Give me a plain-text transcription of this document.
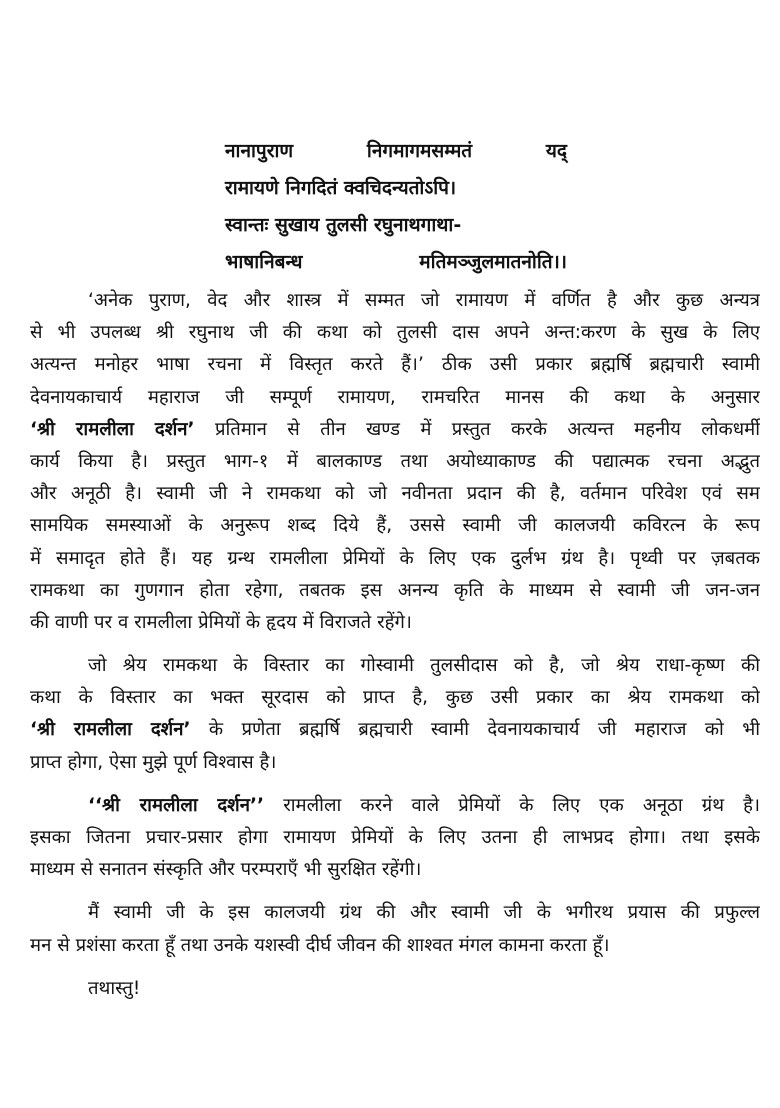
नानापुराण निगमागमसम्मतं यद्
रामायणे निगदितं क्वचिदन्यतोऽपि।
स्वान्तः सुखाय तुलसी रघुनाथगाथा-
भाषानिबन्ध मतिमञ्जुलमातनोति।।
‘अनेक पुराण, वेद और शास्त्र में सम्मत जो रामायण में वर्णित है और कुछ अन्यत्र
से भी उपलब्ध श्री रघुनाथ जी की कथा को तुलसी दास अपने अन्त:करण के सुख के लिए
अत्यन्त मनोहर भाषा रचना में विस्तृत करते हैं।’ ठीक उसी प्रकार ब्रह्मर्षि ब्रह्मचारी स्वामी
देवनायकाचार्य महाराज जी सम्पूर्ण रामायण, रामचरित मानस की कथा के अनुसार
‘श्री रामलीला दर्शन’ प्रतिमान से तीन खण्ड में प्रस्तुत करके अत्यन्त महनीय लोकधर्मी
कार्य किया है। प्रस्तुत भाग-१ में बालकाण्ड तथा अयोध्याकाण्ड की पद्यात्मक रचना अद्भुत
और अनूठी है। स्वामी जी ने रामकथा को जो नवीनता प्रदान की है, वर्तमान परिवेश एवं सम
सामयिक समस्याओं के अनुरूप शब्द दिये हैं, उससे स्वामी जी कालजयी कविरत्न के रूप
में समादृत होते हैं। यह ग्रन्थ रामलीला प्रेमियों के लिए एक दुर्लभ ग्रंथ है। पृथ्वी पर ज़बतक
रामकथा का गुणगान होता रहेगा, तबतक इस अनन्य कृति के माध्यम से स्वामी जी जन-जन
की वाणी पर व रामलीला प्रेमियों के हृदय में विराजते रहेंगे।
जो श्रेय रामकथा के विस्तार का गोस्वामी तुलसीदास को है, जो श्रेय राधा-कृष्ण की
कथा के विस्तार का भक्त सूरदास को प्राप्त है, कुछ उसी प्रकार का श्रेय रामकथा को
‘श्री रामलीला दर्शन’ के प्रणेता ब्रह्मर्षि ब्रह्मचारी स्वामी देवनायकाचार्य जी महाराज को भी
प्राप्त होगा, ऐसा मुझे पूर्ण विश्वास है।
‘‘श्री रामलीला दर्शन’’ रामलीला करने वाले प्रेमियों के लिए एक अनूठा ग्रंथ है।
इसका जितना प्रचार-प्रसार होगा रामायण प्रेमियों के लिए उतना ही लाभप्रद होगा। तथा इसके
माध्यम से सनातन संस्कृति और परम्पराएँ भी सुरक्षित रहेंगी।
मैं स्वामी जी के इस कालजयी ग्रंथ की और स्वामी जी के भगीरथ प्रयास की प्रफुल्ल
मन से प्रशंसा करता हूँ तथा उनके यशस्वी दीर्घ जीवन की शाश्वत मंगल कामना करता हूँ।
तथास्तु!
